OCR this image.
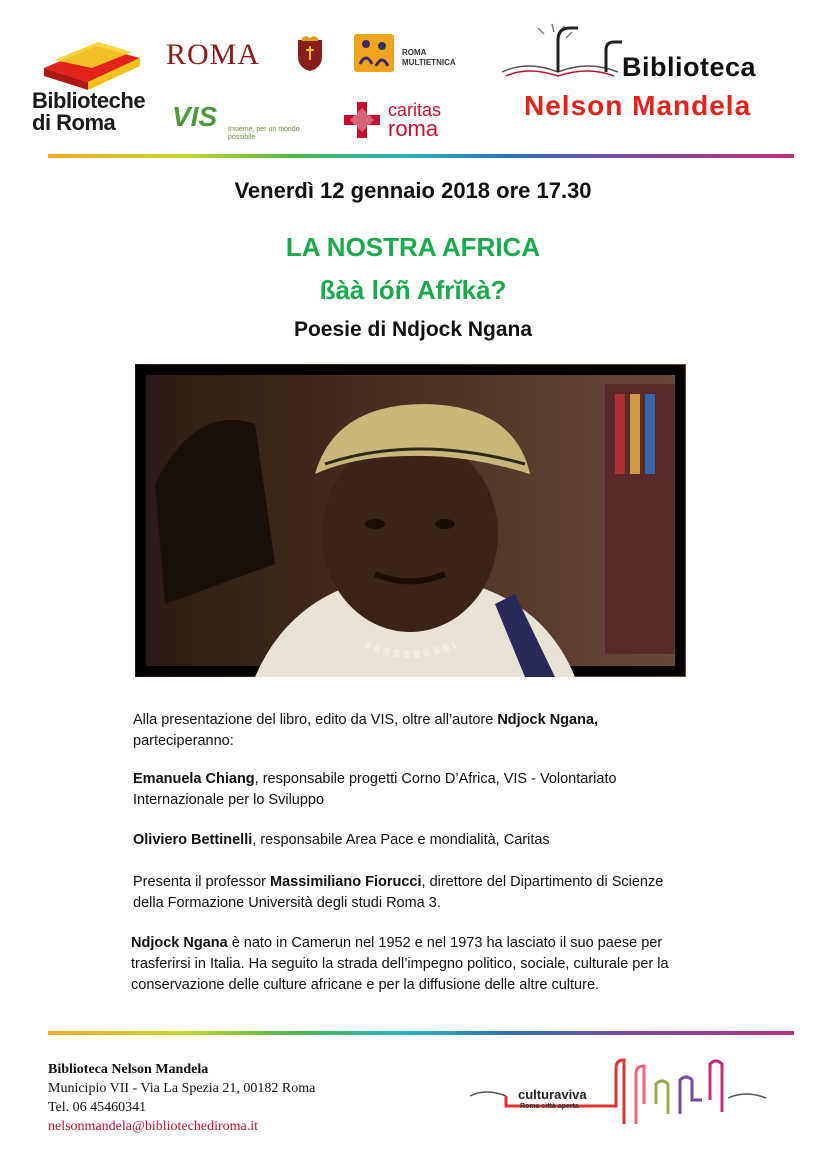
Biblioteche
di Roma
ROMA	ROMA
MULTIETNICA
VIS Insieme, per un mondo possibile
caritas
roma
Biblioteca
Nelson Mandela
Venerdì 12 gennaio 2018 ore 17.30
LA NOSTRA AFRICA
ßàà lóñ Afrĭkà?
Poesie di Ndjock Ngana

Alla presentazione del libro, edito da VIS, oltre all’autore Ndjock Ngana, parteciperanno:

Emanuela Chiang, responsabile progetti Corno D’Africa, VIS - Volontariato Internazionale per lo Sviluppo

Oliviero Bettinelli, responsabile Area Pace e mondialità, Caritas

Presenta il professor Massimiliano Fiorucci, direttore del Dipartimento di Scienze della Formazione Università degli studi Roma 3.

Ndjock Ngana è nato in Camerun nel 1952 e nel 1973 ha lasciato il suo paese per trasferirsi in Italia. Ha seguito la strada dell’impegno politico, sociale, culturale per la conservazione delle culture africane e per la diffusione delle altre culture.

Biblioteca Nelson Mandela
Municipio VII - Via La Spezia 21, 00182 Roma
Tel. 06 45460341
nelsonmandela@bibliotechediroma.it
culturaviva
Roma città aperta
